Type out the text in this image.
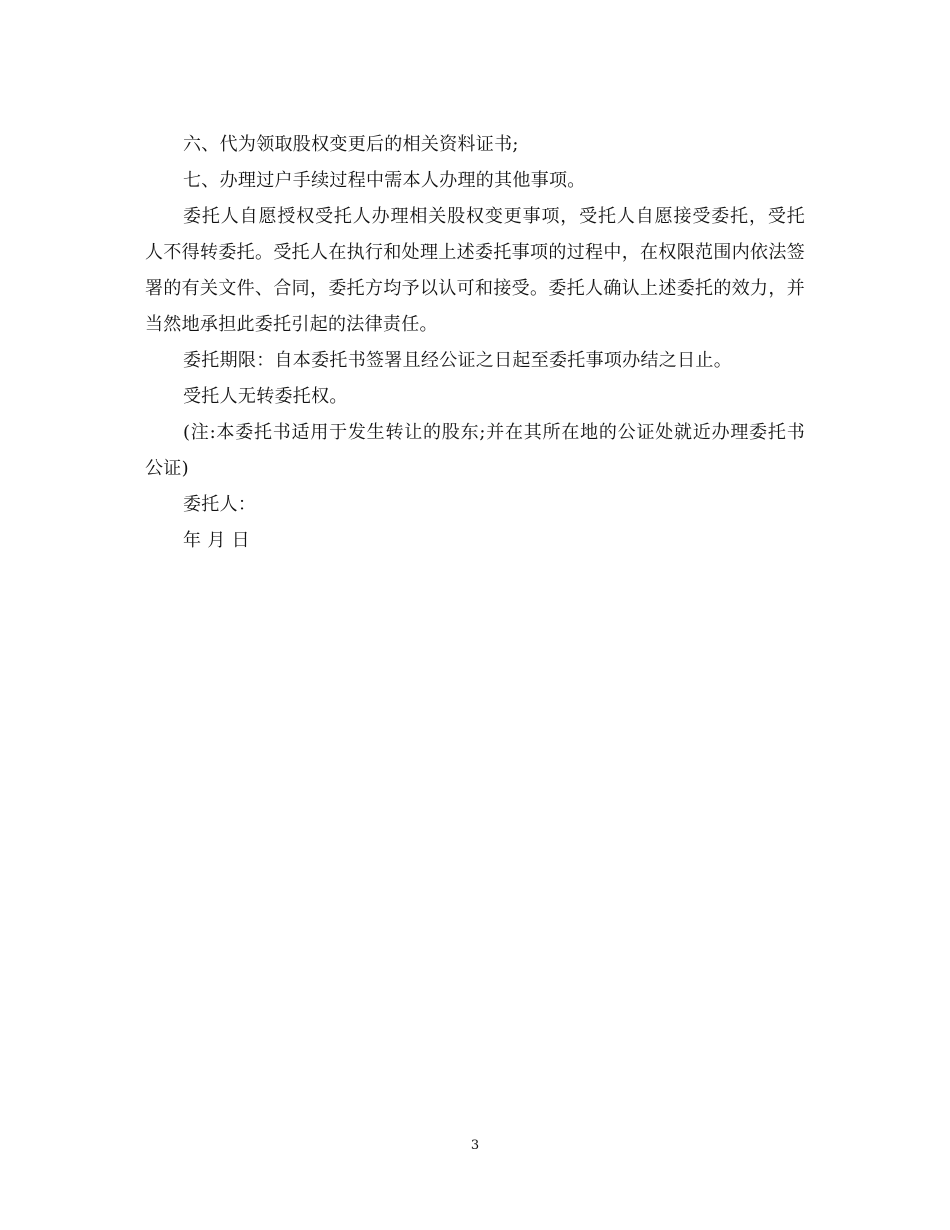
六、代为领取股权变更后的相关资料证书;

七、办理过户手续过程中需本人办理的其他事项。

委托人自愿授权受托人办理相关股权变更事项，受托人自愿接受委托，受托人不得转委托。受托人在执行和处理上述委托事项的过程中，在权限范围内依法签署的有关文件、合同，委托方均予以认可和接受。委托人确认上述委托的效力，并当然地承担此委托引起的法律责任。

委托期限：自本委托书签署且经公证之日起至委托事项办结之日止。

受托人无转委托权。

(注:本委托书适用于发生转让的股东;并在其所在地的公证处就近办理委托书公证)

委托人：

年 月 日

3
